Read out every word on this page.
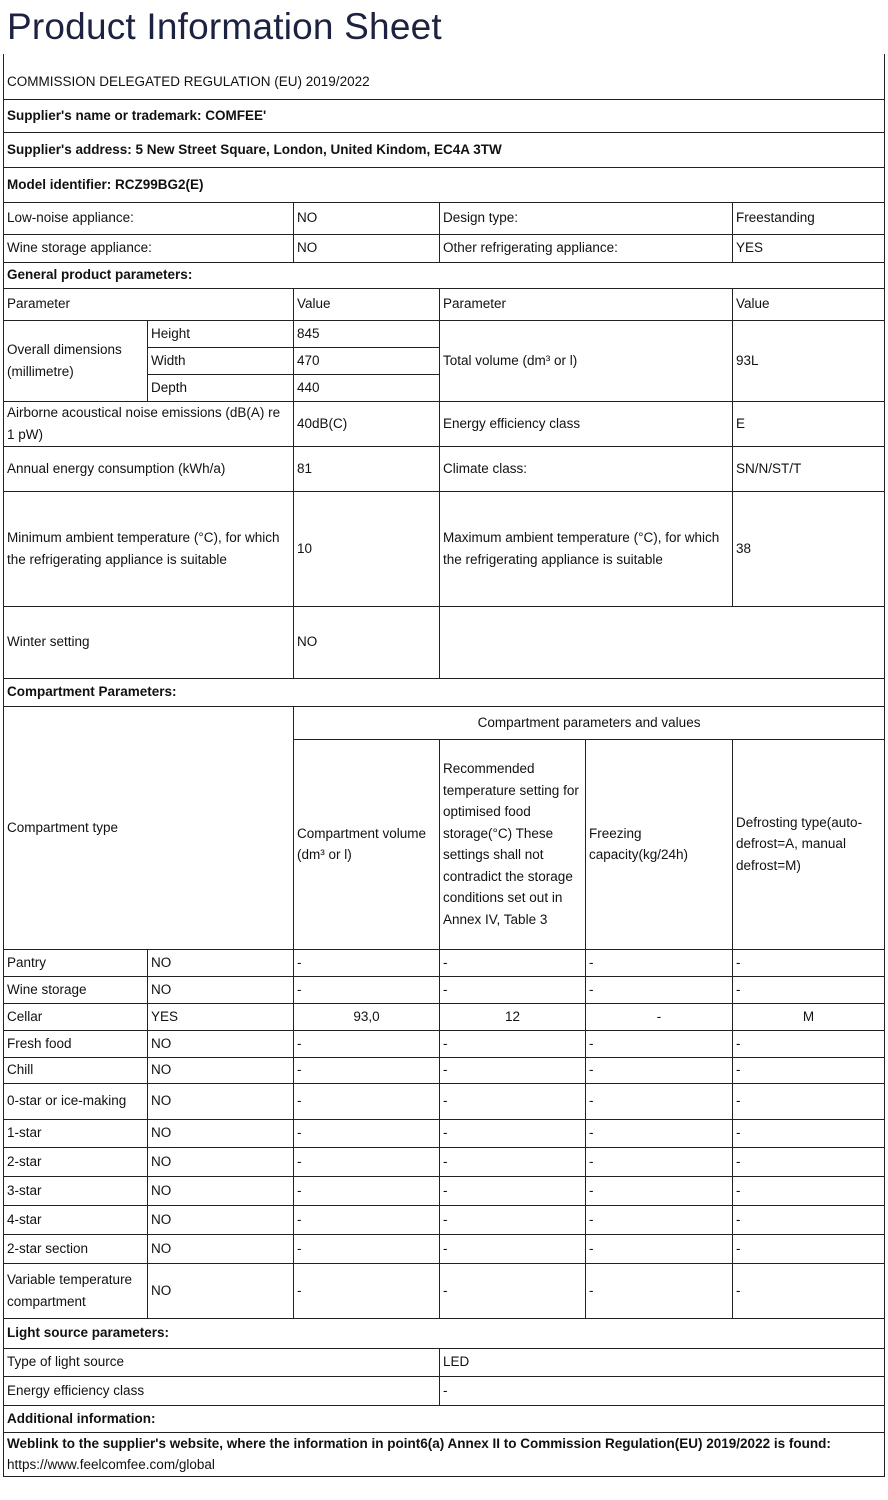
Product Information Sheet
COMMISSION DELEGATED REGULATION (EU) 2019/2022					
Supplier's name or trademark: COMFEE'					
Supplier's address: 5 New Street Square, London, United Kindom, EC4A 3TW					
Model identifier: RCZ99BG2(E)					
Low-noise appliance:		NO	Design type:		Freestanding
Wine storage appliance:		NO	Other refrigerating appliance:		YES
General product parameters:					
Parameter		Value	Parameter		Value
Overall dimensions (millimetre)	Height	845	Total volume (dm³ or l)		93L
	Width	470			
	Depth	440			
Airborne acoustical noise emissions (dB(A) re 1 pW)		40dB(C)	Energy efficiency class		E
Annual energy consumption (kWh/a)		81	Climate class:		SN/N/ST/T
Minimum ambient temperature (°C), for which the refrigerating appliance is suitable		10	Maximum ambient temperature (°C), for which the refrigerating appliance is suitable		38
Winter setting		NO			
Compartment Parameters:					
Compartment type		Compartment parameters and values			
		Compartment volume (dm³ or l)	Recommended temperature setting for optimised food storage(°C) These settings shall not contradict the storage conditions set out in Annex IV, Table 3	Freezing capacity(kg/24h)	Defrosting type(auto-defrost=A, manual defrost=M)
Pantry	NO	-	-	-	-
Wine storage	NO	-	-	-	-
Cellar	YES	93,0	12	-	M
Fresh food	NO	-	-	-	-
Chill	NO	-	-	-	-
0-star or ice-making	NO	-	-	-	-
1-star	NO	-	-	-	-
2-star	NO	-	-	-	-
3-star	NO	-	-	-	-
4-star	NO	-	-	-	-
2-star section	NO	-	-	-	-
Variable temperature compartment	NO	-	-	-	-
Light source parameters:					
Type of light source			LED		
Energy efficiency class			-		
Additional information:					

Weblink to the supplier's website, where the information in point6(a) Annex II to Commission Regulation(EU) 2019/2022 is found:
https://www.feelcomfee.com/global					
